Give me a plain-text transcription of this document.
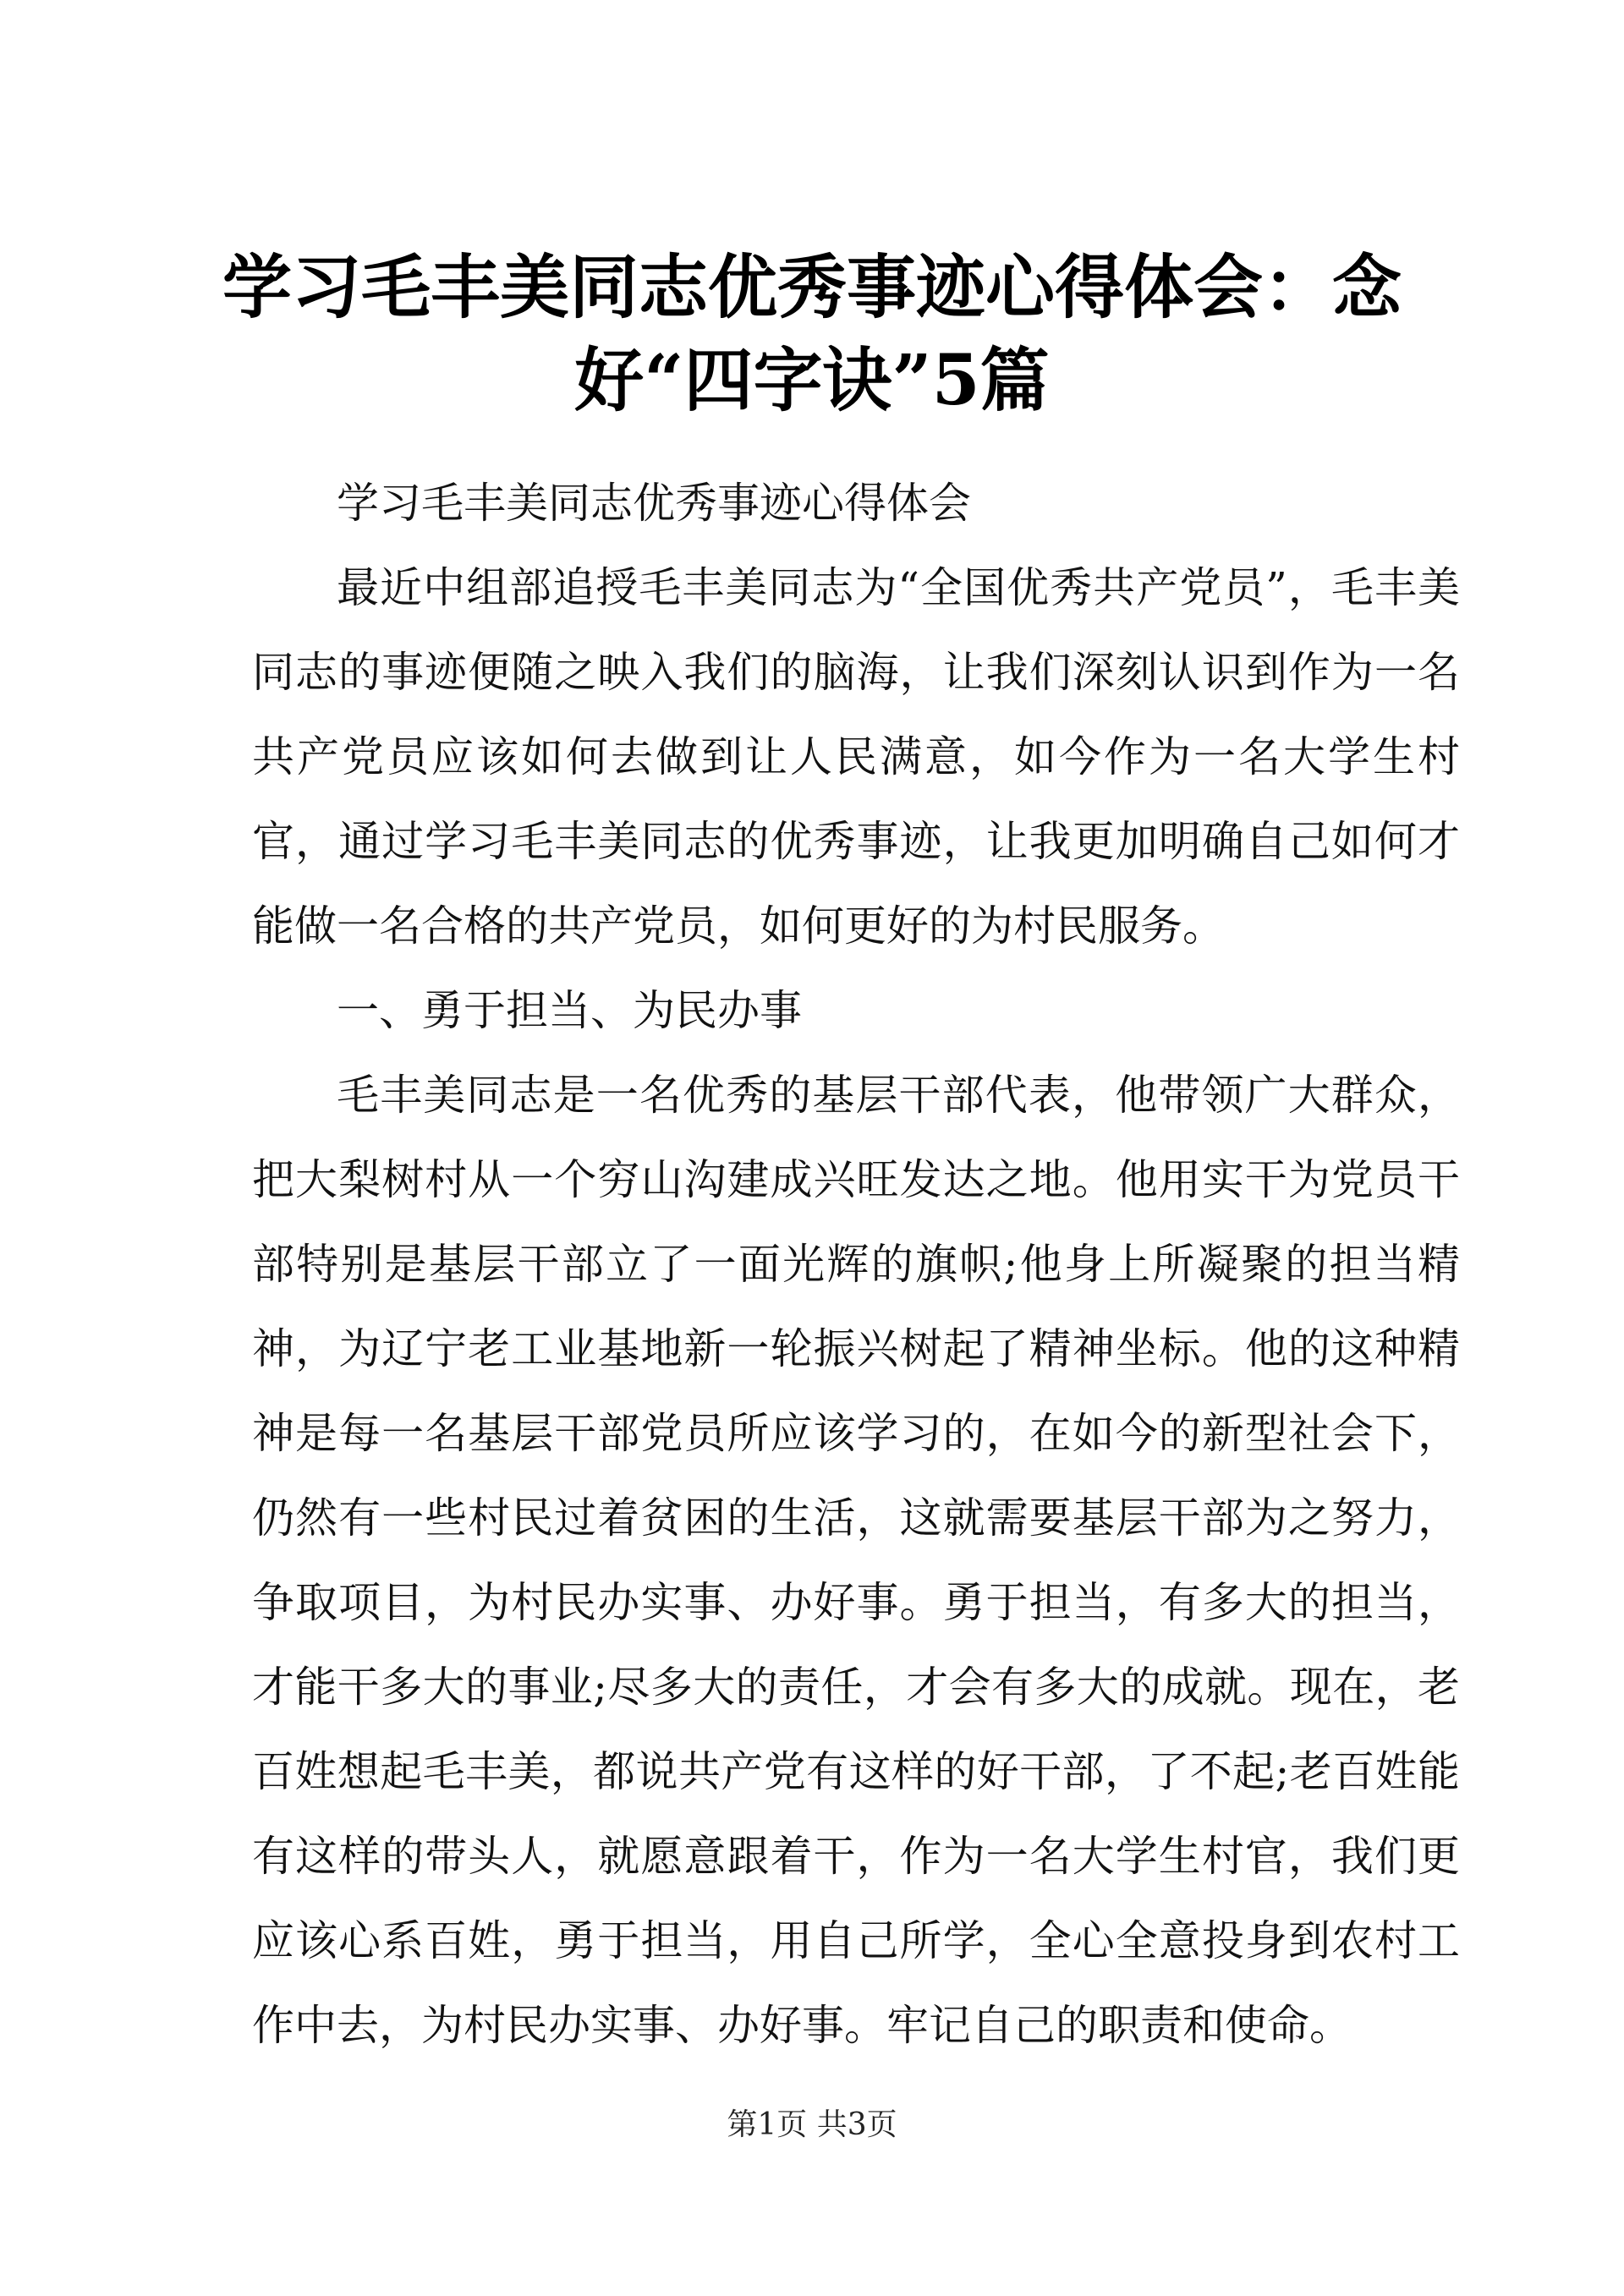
学习毛丰美同志优秀事迹心得体会：念好“四字诀”5篇

学习毛丰美同志优秀事迹心得体会

最近中组部追授毛丰美同志为“全国优秀共产党员”，毛丰美同志的事迹便随之映入我们的脑海，让我们深刻认识到作为一名共产党员应该如何去做到让人民满意，如今作为一名大学生村官，通过学习毛丰美同志的优秀事迹，让我更加明确自己如何才能做一名合格的共产党员，如何更好的为村民服务。

一、勇于担当、为民办事

毛丰美同志是一名优秀的基层干部代表，他带领广大群众，把大梨树村从一个穷山沟建成兴旺发达之地。他用实干为党员干部特别是基层干部立了一面光辉的旗帜;他身上所凝聚的担当精神，为辽宁老工业基地新一轮振兴树起了精神坐标。他的这种精神是每一名基层干部党员所应该学习的，在如今的新型社会下，仍然有一些村民过着贫困的生活，这就需要基层干部为之努力，争取项目，为村民办实事、办好事。勇于担当，有多大的担当，才能干多大的事业;尽多大的责任，才会有多大的成就。现在，老百姓想起毛丰美，都说共产党有这样的好干部，了不起;老百姓能有这样的带头人，就愿意跟着干，作为一名大学生村官，我们更应该心系百姓，勇于担当，用自己所学，全心全意投身到农村工作中去，为村民办实事、办好事。牢记自己的职责和使命。

第1页 共3页
